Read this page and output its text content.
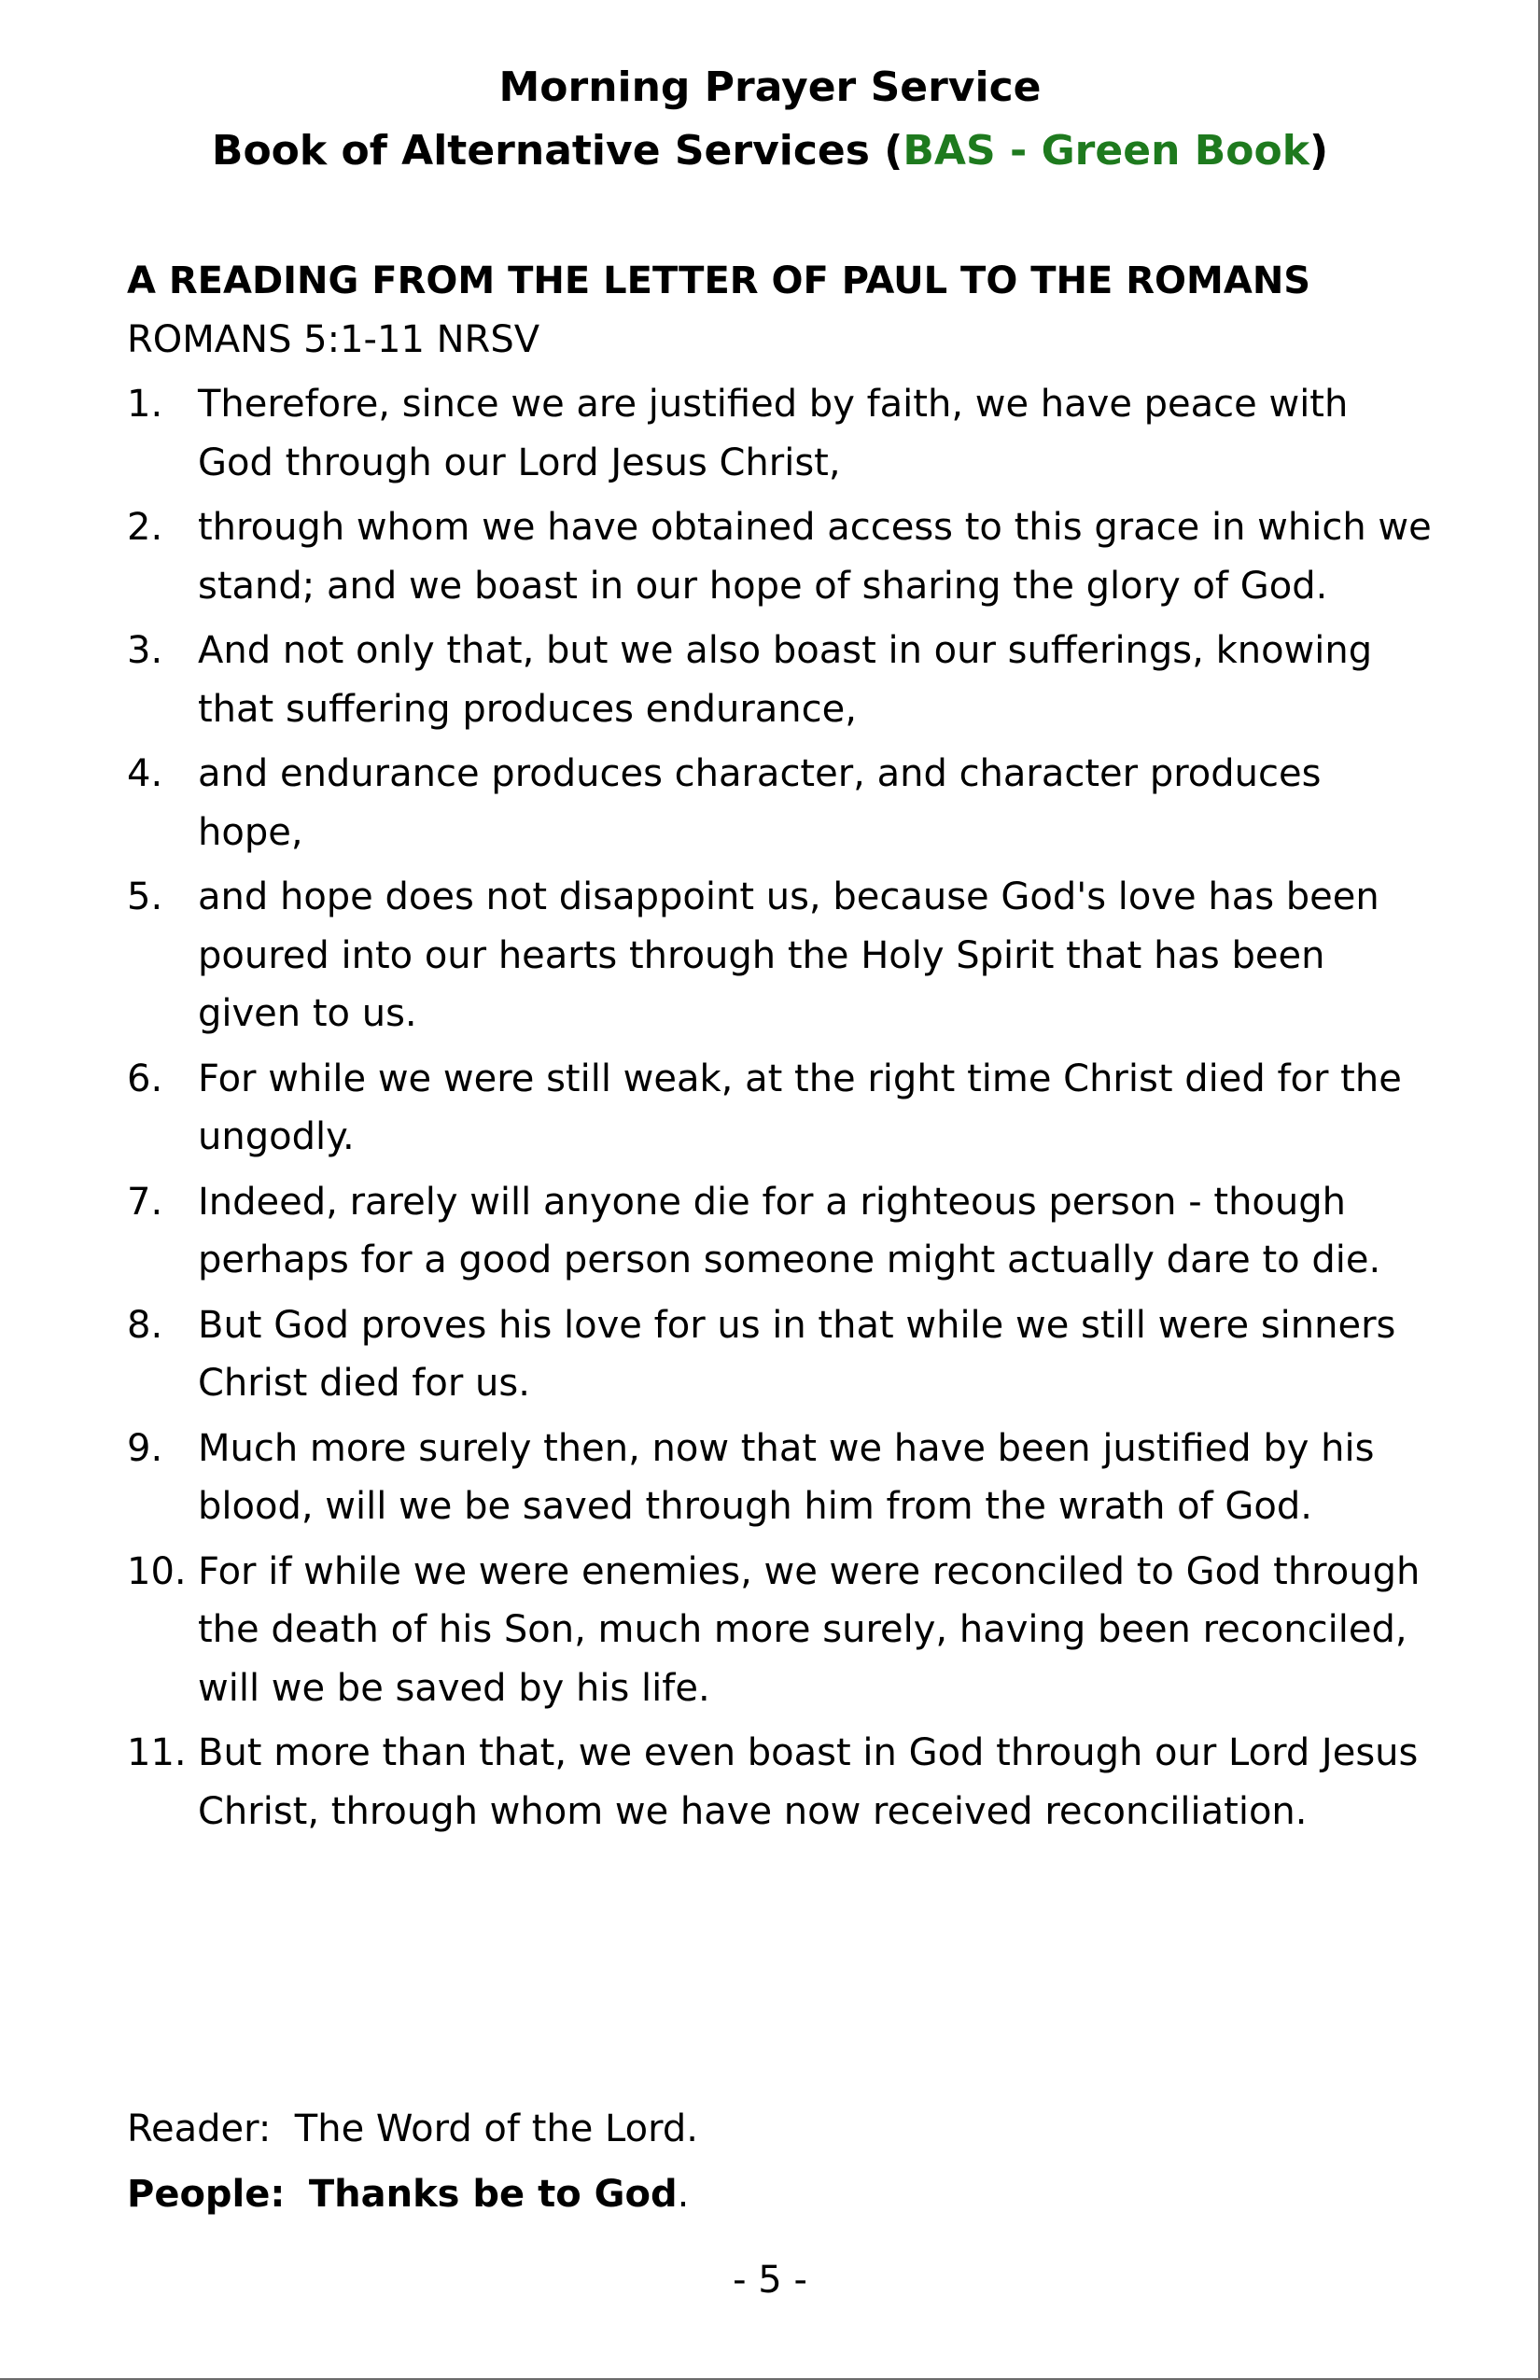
Morning Prayer Service
Book of Alternative Services (BAS - Green Book)

A READING FROM THE LETTER OF PAUL TO THE ROMANS

ROMANS 5:1-11 NRSV

1. Therefore, since we are justified by faith, we have peace with God through our Lord Jesus Christ,
2. through whom we have obtained access to this grace in which we stand; and we boast in our hope of sharing the glory of God.
3. And not only that, but we also boast in our sufferings, knowing that suffering produces endurance,
4. and endurance produces character, and character produces hope,
5. and hope does not disappoint us, because God's love has been poured into our hearts through the Holy Spirit that has been given to us.
6. For while we were still weak, at the right time Christ died for the ungodly.
7. Indeed, rarely will anyone die for a righteous person - though perhaps for a good person someone might actually dare to die.
8. But God proves his love for us in that while we still were sinners Christ died for us.
9. Much more surely then, now that we have been justified by his blood, will we be saved through him from the wrath of God.
10. For if while we were enemies, we were reconciled to God through the death of his Son, much more surely, having been reconciled, will we be saved by his life.
11. But more than that, we even boast in God through our Lord Jesus Christ, through whom we have now received reconciliation.
Reader: The Word of the Lord.
People: Thanks be to God.
- 5 -
